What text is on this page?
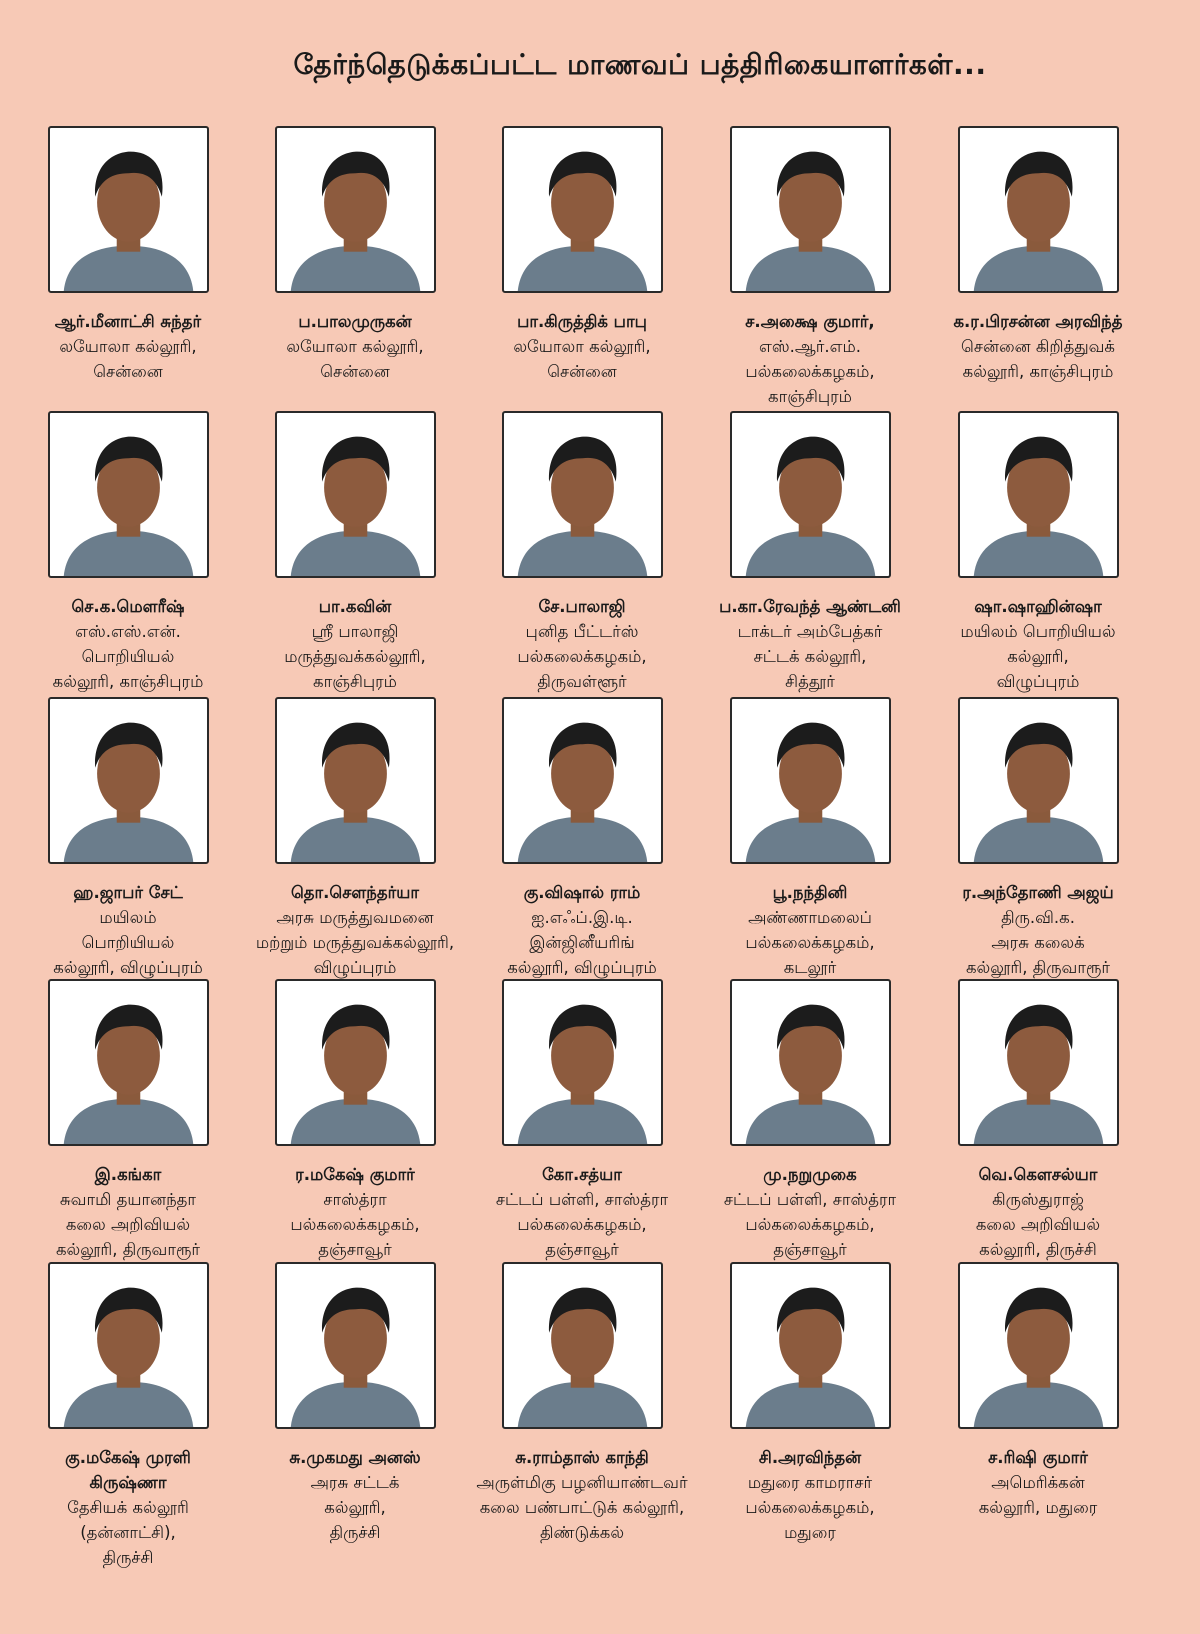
தேர்ந்தெடுக்கப்பட்ட மாணவப் பத்திரிகையாளர்கள்...
ஆர்.மீனாட்சி சுந்தர்
லயோலா கல்லூரி,
சென்னை
ப.பாலமுருகன்
லயோலா கல்லூரி,
சென்னை
பா.கிருத்திக் பாபு
லயோலா கல்லூரி,
சென்னை
ச.அக்ஷை குமார்,
எஸ்.ஆர்.எம்.
பல்கலைக்கழகம்,
காஞ்சிபுரம்
க.ர.பிரசன்ன அரவிந்த்
சென்னை கிறித்துவக்
கல்லூரி, காஞ்சிபுரம்
செ.க.மெளரீஷ்
எஸ்.எஸ்.என்.
பொறியியல்
கல்லூரி, காஞ்சிபுரம்
பா.கவின்
ஸ்ரீ பாலாஜி
மருத்துவக்கல்லூரி,
காஞ்சிபுரம்
சே.பாலாஜி
புனித பீட்டர்ஸ்
பல்கலைக்கழகம்,
திருவள்ளூர்
ப.கா.ரேவந்த் ஆண்டனி
டாக்டர் அம்பேத்கர்
சட்டக் கல்லூரி,
சித்தூர்
ஷா.ஷாஹின்ஷா
மயிலம் பொறியியல்
கல்லூரி,
விழுப்புரம்
ஹ.ஜாபர் சேட்
மயிலம்
பொறியியல்
கல்லூரி, விழுப்புரம்
தொ.சௌந்தர்யா
அரசு மருத்துவமனை
மற்றும் மருத்துவக்கல்லூரி,
விழுப்புரம்
கு.விஷால் ராம்
ஐ.எஃப்.இ.டி.
இன்ஜினீயரிங்
கல்லூரி, விழுப்புரம்
பூ.நந்தினி
அண்ணாமலைப்
பல்கலைக்கழகம்,
கடலூர்
ர.அந்தோணி அஜய்
திரு.வி.க.
அரசு கலைக்
கல்லூரி, திருவாரூர்
இ.கங்கா
சுவாமி தயானந்தா
கலை அறிவியல்
கல்லூரி, திருவாரூர்
ர.மகேஷ் குமார்
சாஸ்த்ரா
பல்கலைக்கழகம்,
தஞ்சாவூர்
கோ.சத்யா
சட்டப் பள்ளி, சாஸ்த்ரா
பல்கலைக்கழகம்,
தஞ்சாவூர்
மு.நறுமுகை
சட்டப் பள்ளி, சாஸ்த்ரா
பல்கலைக்கழகம்,
தஞ்சாவூர்
வெ.கௌசல்யா
கிருஸ்துராஜ்
கலை அறிவியல்
கல்லூரி, திருச்சி
கு.மகேஷ் முரளி
கிருஷ்ணா
தேசியக் கல்லூரி
(தன்னாட்சி),
திருச்சி
சு.முகமது அனஸ்
அரசு சட்டக்
கல்லூரி,
திருச்சி
சு.ராம்தாஸ் காந்தி
அருள்மிகு பழனியாண்டவர்
கலை பண்பாட்டுக் கல்லூரி,
திண்டுக்கல்
சி.அரவிந்தன்
மதுரை காமராசர்
பல்கலைக்கழகம்,
மதுரை
ச.ரிஷி குமார்
அமெரிக்கன்
கல்லூரி, மதுரை
